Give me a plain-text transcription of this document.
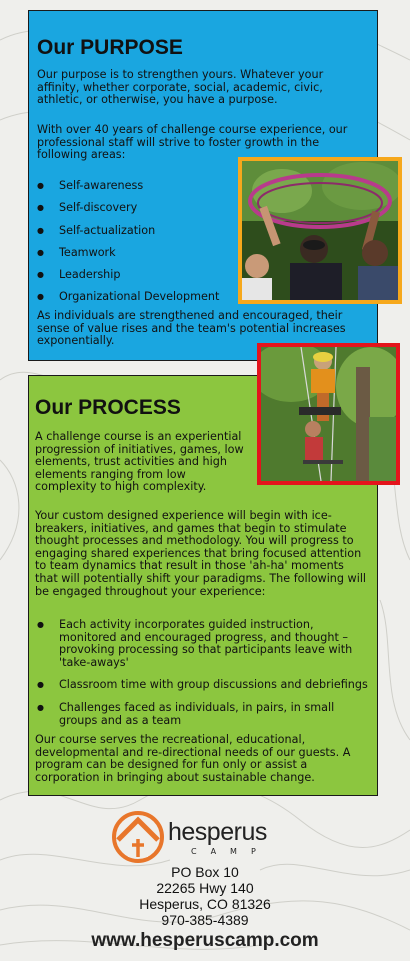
Our PURPOSE

Our purpose is to strengthen yours. Whatever your affinity, whether corporate, social, academic, civic, athletic, or otherwise, you have a purpose.

With over 40 years of challenge course experience, our professional staff will strive to foster growth in the following areas:

● Self-awareness
● Self-discovery
● Self-actualization
● Teamwork
● Leadership
● Organizational Development

As individuals are strengthened and encouraged, their sense of value rises and the team's potential increases exponentially.

Our PROCESS

A challenge course is an experiential progression of initiatives, games, low elements, trust activities and high elements ranging from low complexity to high complexity.

Your custom designed experience will begin with ice-breakers, initiatives, and games that begin to stimulate thought processes and methodology. You will progress to engaging shared experiences that bring focused attention to team dynamics that result in those 'ah-ha' moments that will potentially shift your paradigms. The following will be engaged throughout your experience:

● Each activity incorporates guided instruction, monitored and encouraged progress, and thought – provoking processing so that participants leave with 'take-aways'
● Classroom time with group discussions and debriefings
● Challenges faced as individuals, in pairs, in small groups and as a team

Our course serves the recreational, educational, developmental and re-directional needs of our guests. A program can be designed for fun only or assist a corporation in bringing about sustainable change.

hesperus
CAMP
PO Box 10
22265 Hwy 140
Hesperus, CO 81326
970-385-4389
www.hesperuscamp.com
